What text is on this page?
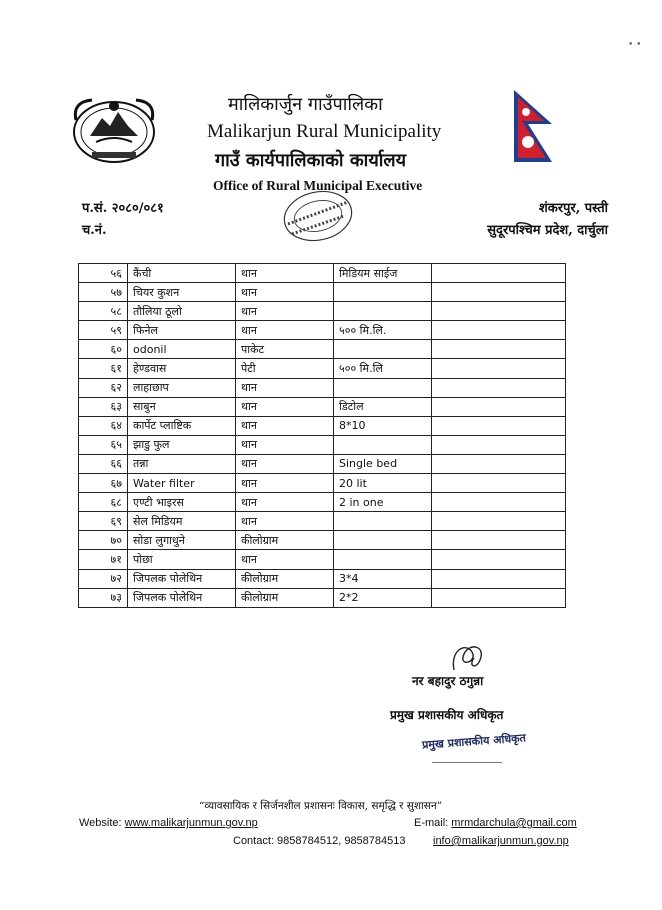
• •
मालिकार्जुन गाउँपालिका
Malikarjun Rural Municipality
गाउँ कार्यपालिकाको कार्यालय
Office of Rural Municipal Executive
प.सं. २०८०/०८१
च.नं.
शंकरपुर, पस्ती
सुदूरपश्चिम प्रदेश, दार्चुला
५६	कैंची	थान	मिडियम साईज	
५७	चियर कुशन	थान		
५८	तौलिया ठूलो	थान		
५९	फिनेल	थान	५०० मि.लि.	
६०	odonil	पाकेट		
६१	हेण्डवास	पेटी	५०० मि.लि	
६२	लाहाछाप	थान		
६३	साबुन	थान	डिटोल	
६४	कार्पेट प्लाष्टिक	थान	8*10	
६५	झाडु फुल	थान		
६६	तन्ना	थान	Single bed	
६७	Water filter	थान	20 lit	
६८	एण्टी भाइरस	थान	2 in one	
६९	सेल मिडियम	थान		
७०	सोडा लुगाधुने	कीलोग्राम		
७१	पोछा	थान		
७२	जिपलक पोलेथिन	कीलोग्राम	3*4	
७३	जिपलक पोलेथिन	कीलोग्राम	2*2	
नर बहादुर ठगुन्ना
प्रमुख प्रशासकीय अधिकृत
प्रमुख प्रशासकीय अधिकृत
“व्यावसायिक र सिर्जनशील प्रशासनः विकास, समृद्धि र सुशासन”
Website: www.malikarjunmun.gov.np	E-mail: mrmdarchula@gmail.com
Contact: 9858784512, 9858784513	info@malikarjunmun.gov.np
